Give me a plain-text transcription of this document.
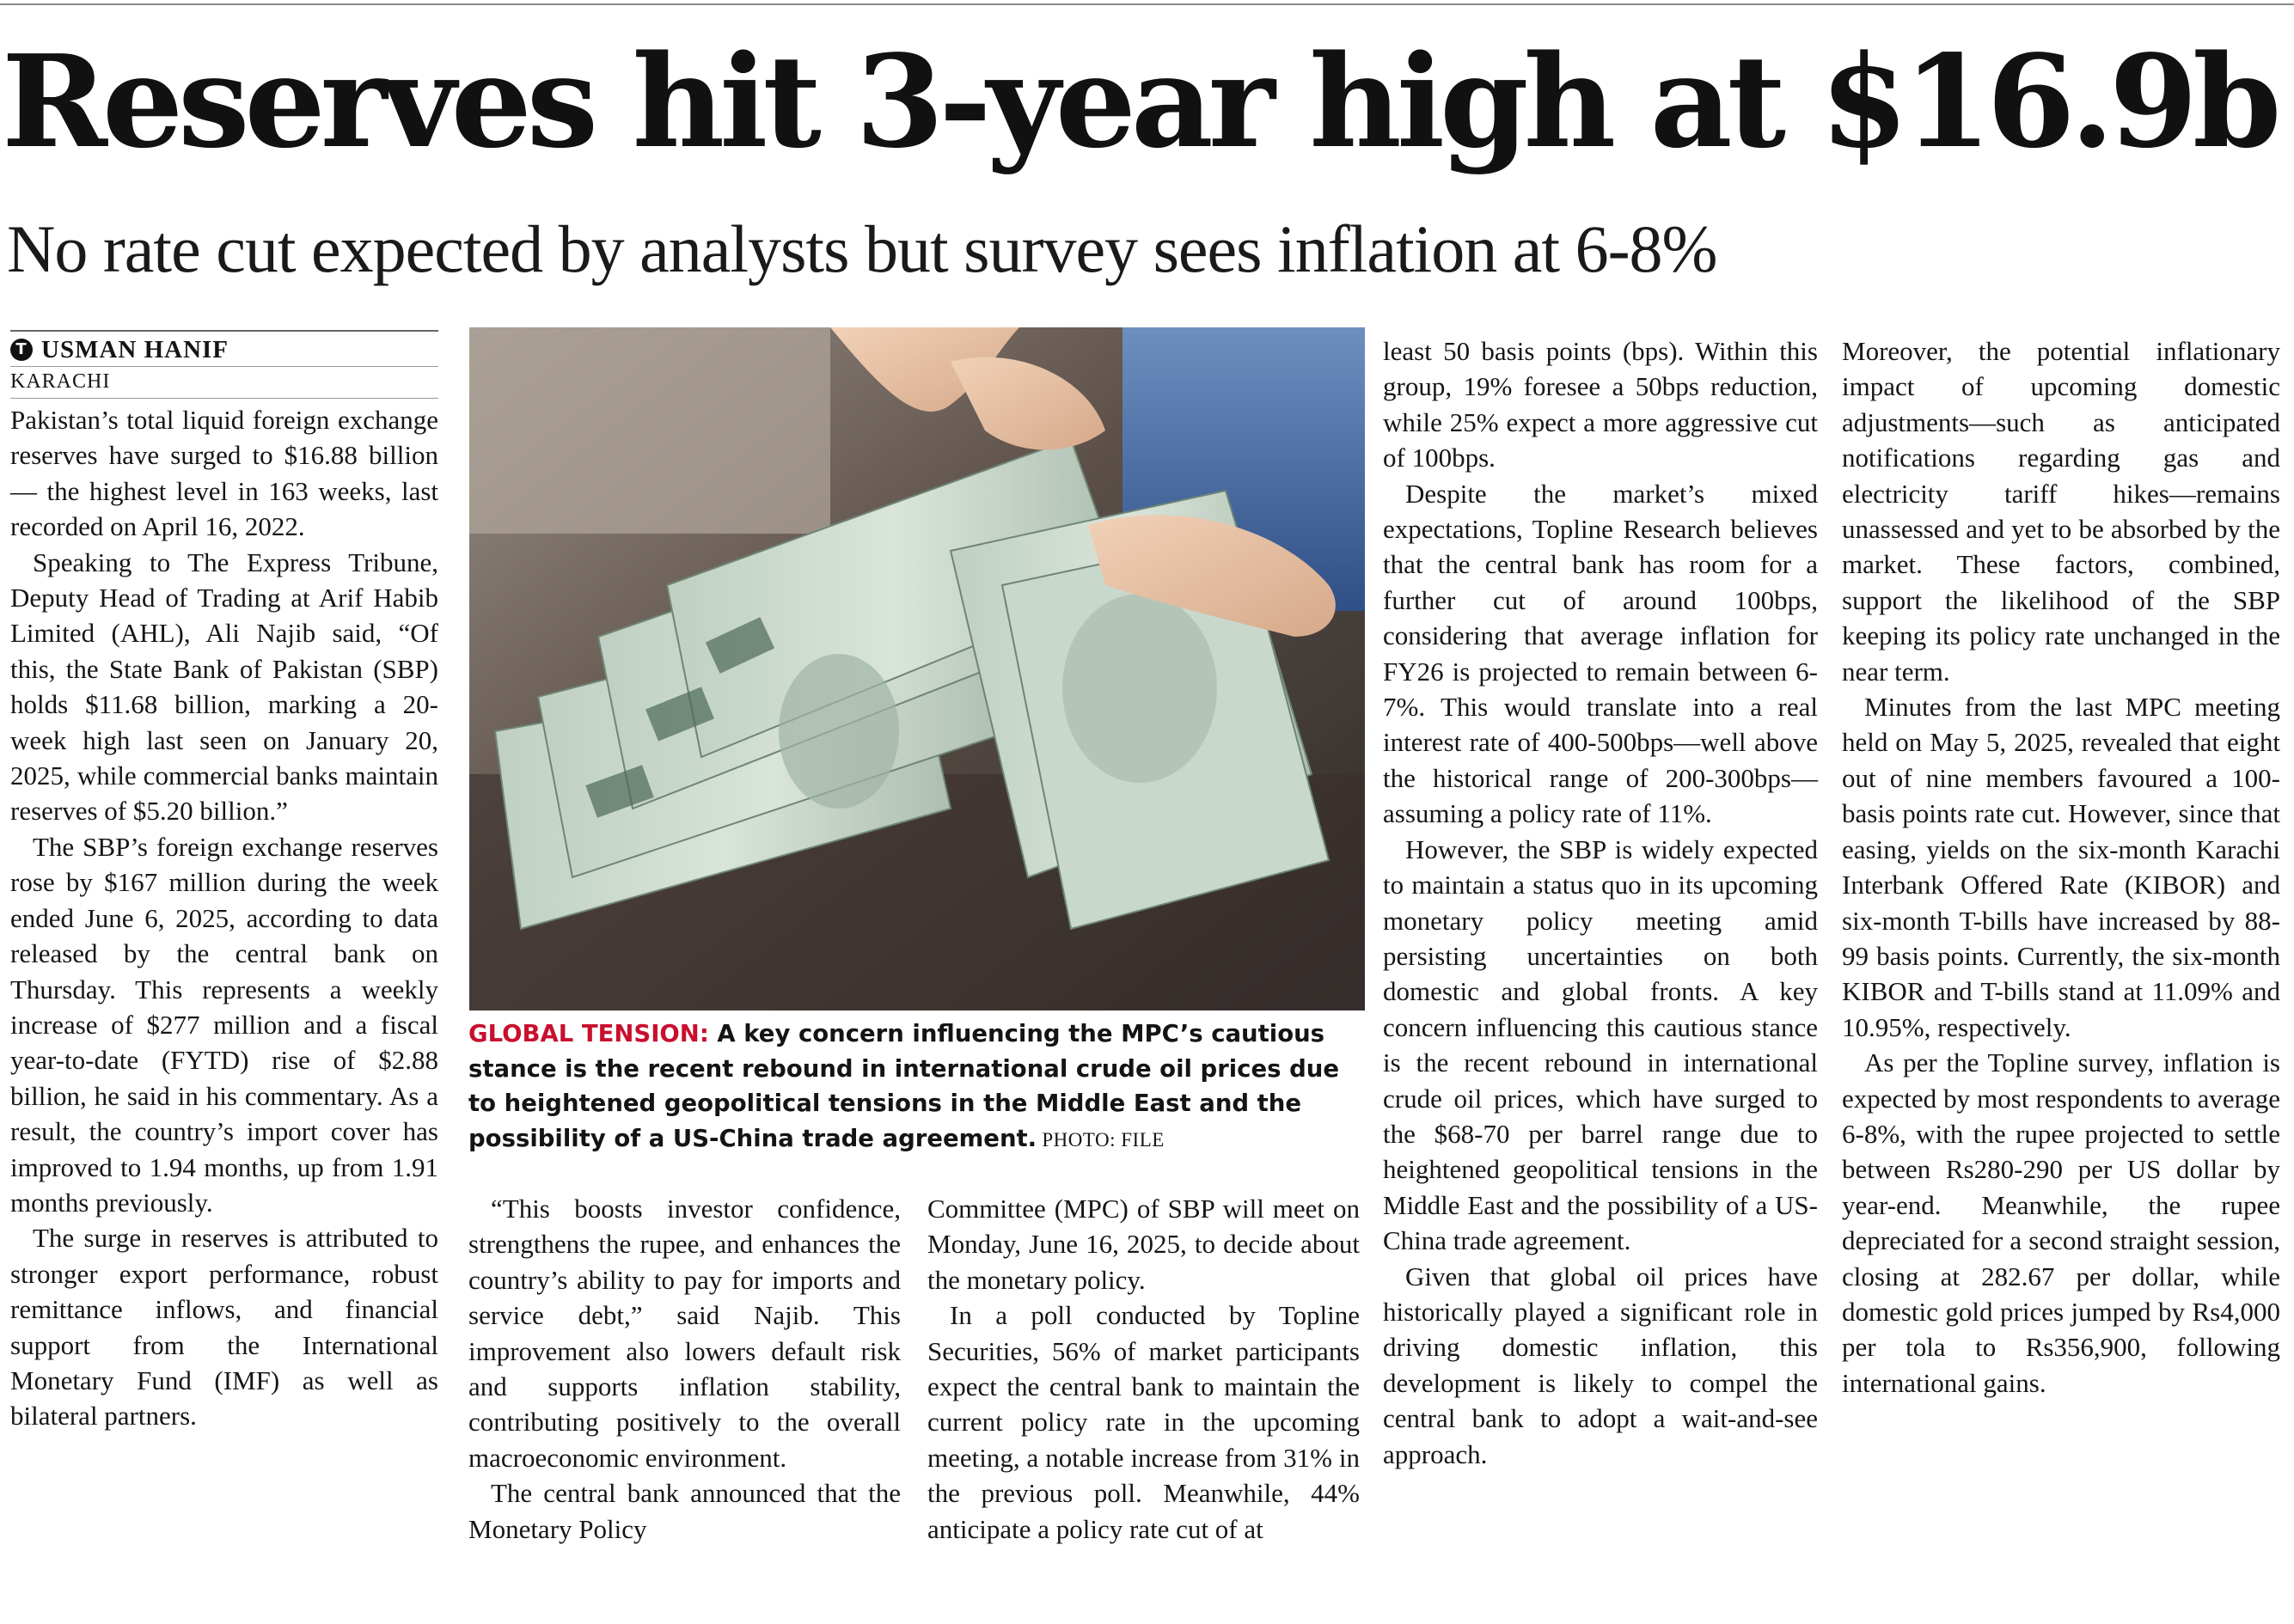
Reserves hit 3-year high at $16.9b
No rate cut expected by analysts but survey sees inflation at 6-8%
T USMAN HANIF
KARACHI

Pakistan’s total liquid foreign exchange reserves have surged to $16.88 billion — the highest level in 163 weeks, last recorded on April 16, 2022.

Speaking to The Express Tribune, Deputy Head of Trading at Arif Habib Limited (AHL), Ali Najib said, “Of this, the State Bank of Pakistan (SBP) holds $11.68 billion, marking a 20-week high last seen on January 20, 2025, while commercial banks maintain reserves of $5.20 billion.”

The SBP’s foreign exchange reserves rose by $167 million during the week ended June 6, 2025, according to data released by the central bank on Thursday. This represents a weekly increase of $277 million and a fiscal year-to-date (FYTD) rise of $2.88 billion, he said in his commentary. As a result, the country’s import cover has improved to 1.94 months, up from 1.91 months previously.

The surge in reserves is attributed to stronger export performance, robust remittance inflows, and financial support from the International Monetary Fund (IMF) as well as bilateral partners.

GLOBAL TENSION: A key concern influencing the MPC’s cautious stance is the recent rebound in international crude oil prices due to heightened geopolitical tensions in the Middle East and the possibility of a US-China trade agreement. PHOTO: FILE

“This boosts investor confidence, strengthens the rupee, and enhances the country’s ability to pay for imports and service debt,” said Najib. This improvement also lowers default risk and supports inflation stability, contributing positively to the overall macroeconomic environment.

The central bank announced that the Monetary Policy

Committee (MPC) of SBP will meet on Monday, June 16, 2025, to decide about the monetary policy.

In a poll conducted by Topline Securities, 56% of market participants expect the central bank to maintain the current policy rate in the upcoming meeting, a notable increase from 31% in the previous poll. Meanwhile, 44% anticipate a policy rate cut of at

least 50 basis points (bps). Within this group, 19% foresee a 50bps reduction, while 25% expect a more aggressive cut of 100bps.

Despite the market’s mixed expectations, Topline Research believes that the central bank has room for a further cut of around 100bps, considering that average inflation for FY26 is projected to remain between 6-7%. This would translate into a real interest rate of 400-500bps—well above the historical range of 200-300bps—assuming a policy rate of 11%.

However, the SBP is widely expected to maintain a status quo in its upcoming monetary policy meeting amid persisting uncertainties on both domestic and global fronts. A key concern influencing this cautious stance is the recent rebound in international crude oil prices, which have surged to the $68-70 per barrel range due to heightened geopolitical tensions in the Middle East and the possibility of a US-China trade agreement.

Given that global oil prices have historically played a significant role in driving domestic inflation, this development is likely to compel the central bank to adopt a wait-and-see approach.

Moreover, the potential inflationary impact of upcoming domestic adjustments—such as anticipated notifications regarding gas and electricity tariff hikes—remains unassessed and yet to be absorbed by the market. These factors, combined, support the likelihood of the SBP keeping its policy rate unchanged in the near term.

Minutes from the last MPC meeting held on May 5, 2025, revealed that eight out of nine members favoured a 100-basis points rate cut. However, since that easing, yields on the six-month Karachi Interbank Offered Rate (KIBOR) and six-month T-bills have increased by 88-99 basis points. Currently, the six-month KIBOR and T-bills stand at 11.09% and 10.95%, respectively.

As per the Topline survey, inflation is expected by most respondents to average 6-8%, with the rupee projected to settle between Rs280-290 per US dollar by year-end. Meanwhile, the rupee depreciated for a second straight session, closing at 282.67 per dollar, while domestic gold prices jumped by Rs4,000 per tola to Rs356,900, following international gains.
